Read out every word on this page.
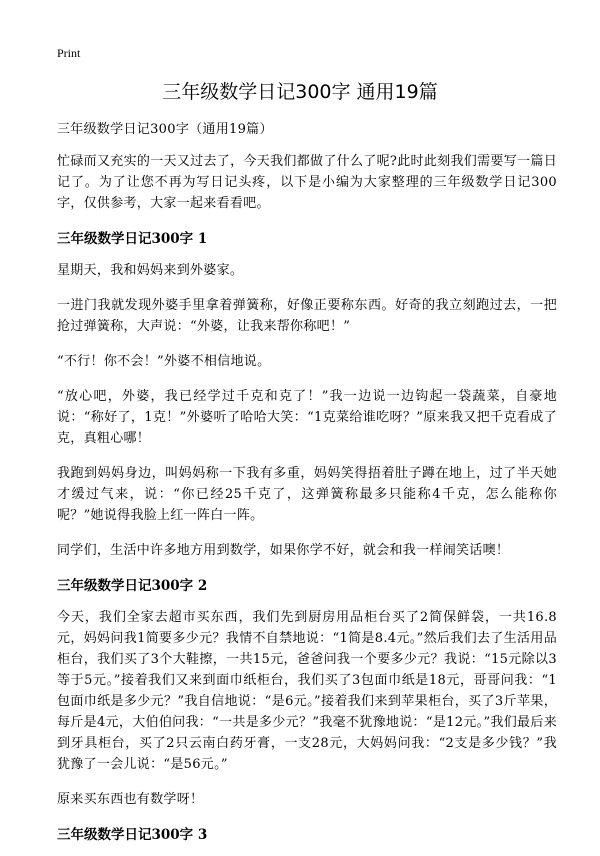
Print
三年级数学日记300字 通用19篇

三年级数学日记300字（通用19篇）

忙碌而又充实的一天又过去了，今天我们都做了什么了呢?此时此刻我们需要写一篇日记了。为了让您不再为写日记头疼，以下是小编为大家整理的三年级数学日记300字，仅供参考，大家一起来看看吧。

三年级数学日记300字 1

星期天，我和妈妈来到外婆家。

一进门我就发现外婆手里拿着弹簧称，好像正要称东西。好奇的我立刻跑过去，一把抢过弹簧称，大声说：“外婆，让我来帮你称吧！”

“不行！你不会！”外婆不相信地说。

“放心吧，外婆，我已经学过千克和克了！”我一边说一边钩起一袋蔬菜，自豪地说：“称好了，1克！”外婆听了哈哈大笑：“1克菜给谁吃呀？”原来我又把千克看成了克，真粗心哪！

我跑到妈妈身边，叫妈妈称一下我有多重，妈妈笑得捂着肚子蹲在地上，过了半天她才缓过气来，说：“你已经25千克了，这弹簧称最多只能称4千克，怎么能称你呢？”她说得我脸上红一阵白一阵。

同学们，生活中许多地方用到数学，如果你学不好，就会和我一样闹笑话噢！

三年级数学日记300字 2

今天，我们全家去超市买东西，我们先到厨房用品柜台买了2简保鲜袋，一共16.8元，妈妈问我1简要多少元？我情不自禁地说：“1简是8.4元。”然后我们去了生活用品柜台，我们买了3个大鞋擦，一共15元，爸爸问我一个要多少元？我说：“15元除以3等于5元。”接着我们又来到面巾纸柜台，我们买了3包面巾纸是18元，哥哥问我：“1包面巾纸是多少元？”我自信地说：“是6元。”接着我们来到苹果柜台，买了3斤苹果，每斤是4元，大伯伯问我：“一共是多少元？”我毫不犹豫地说：“是12元。”我们最后来到牙具柜台，买了2只云南白药牙膏，一支28元，大妈妈问我：“2支是多少钱？”我犹豫了一会儿说：“是56元。”

原来买东西也有数学呀！

三年级数学日记300字 3
